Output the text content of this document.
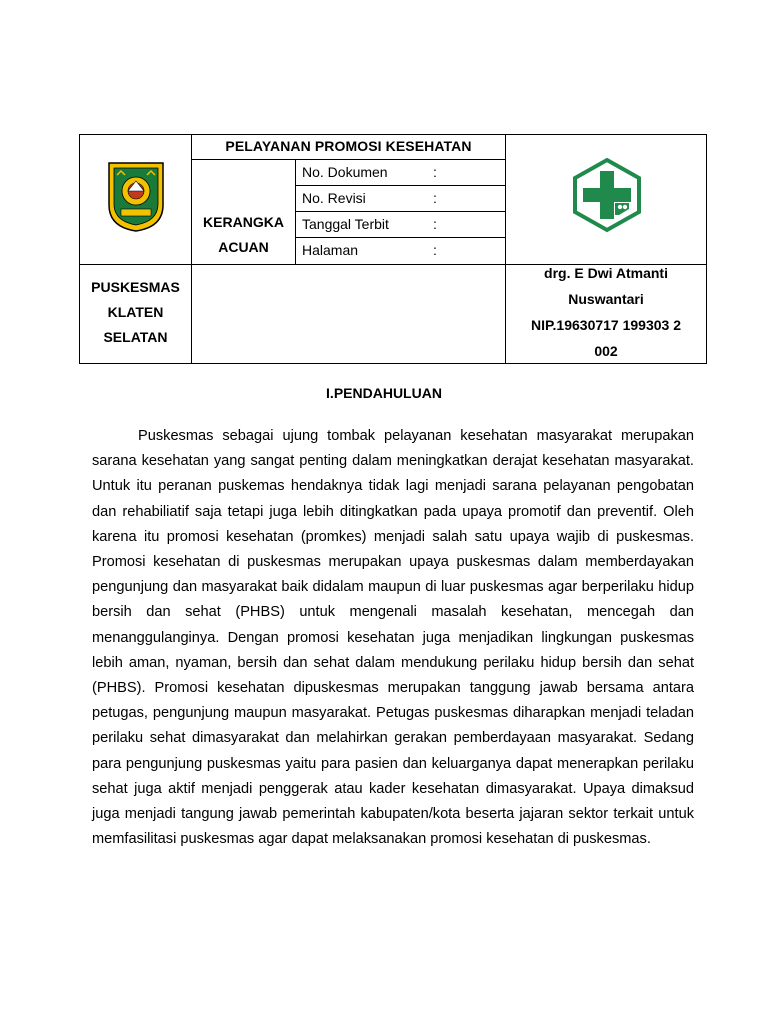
PELAYANAN PROMOSI KESEHATAN
KERANGKA
ACUAN
No. Dokumen	:
No. Revisi	:
Tanggal Terbit	:
Halaman	:
PUSKESMAS
KLATEN
SELATAN
drg. E Dwi Atmanti
Nuswantari
NIP.19630717 199303 2
002
I.PENDAHULUAN

Puskesmas sebagai ujung tombak pelayanan kesehatan masyarakat merupakan sarana kesehatan yang sangat penting dalam meningkatkan derajat kesehatan masyarakat. Untuk itu peranan puskemas hendaknya tidak lagi menjadi sarana pelayanan pengobatan dan rehabiliatif saja tetapi juga lebih ditingkatkan pada upaya promotif dan preventif. Oleh karena itu promosi kesehatan (promkes) menjadi salah satu upaya wajib di puskesmas. Promosi kesehatan di puskesmas merupakan upaya puskesmas dalam memberdayakan pengunjung dan masyarakat baik didalam maupun di luar puskesmas agar berperilaku hidup bersih dan sehat (PHBS) untuk mengenali masalah kesehatan, mencegah dan menanggulanginya. Dengan promosi kesehatan juga menjadikan lingkungan puskesmas lebih aman, nyaman, bersih dan sehat dalam mendukung perilaku hidup bersih dan sehat (PHBS). Promosi kesehatan dipuskesmas merupakan tanggung jawab bersama antara petugas, pengunjung maupun masyarakat. Petugas puskesmas diharapkan menjadi teladan perilaku sehat dimasyarakat dan melahirkan gerakan pemberdayaan masyarakat. Sedang para pengunjung puskesmas yaitu para pasien dan keluarganya dapat menerapkan perilaku sehat juga aktif menjadi penggerak atau kader kesehatan dimasyarakat. Upaya dimaksud juga menjadi tangung jawab pemerintah kabupaten/kota beserta jajaran sektor terkait untuk memfasilitasi puskesmas agar dapat melaksanakan promosi kesehatan di puskesmas.
